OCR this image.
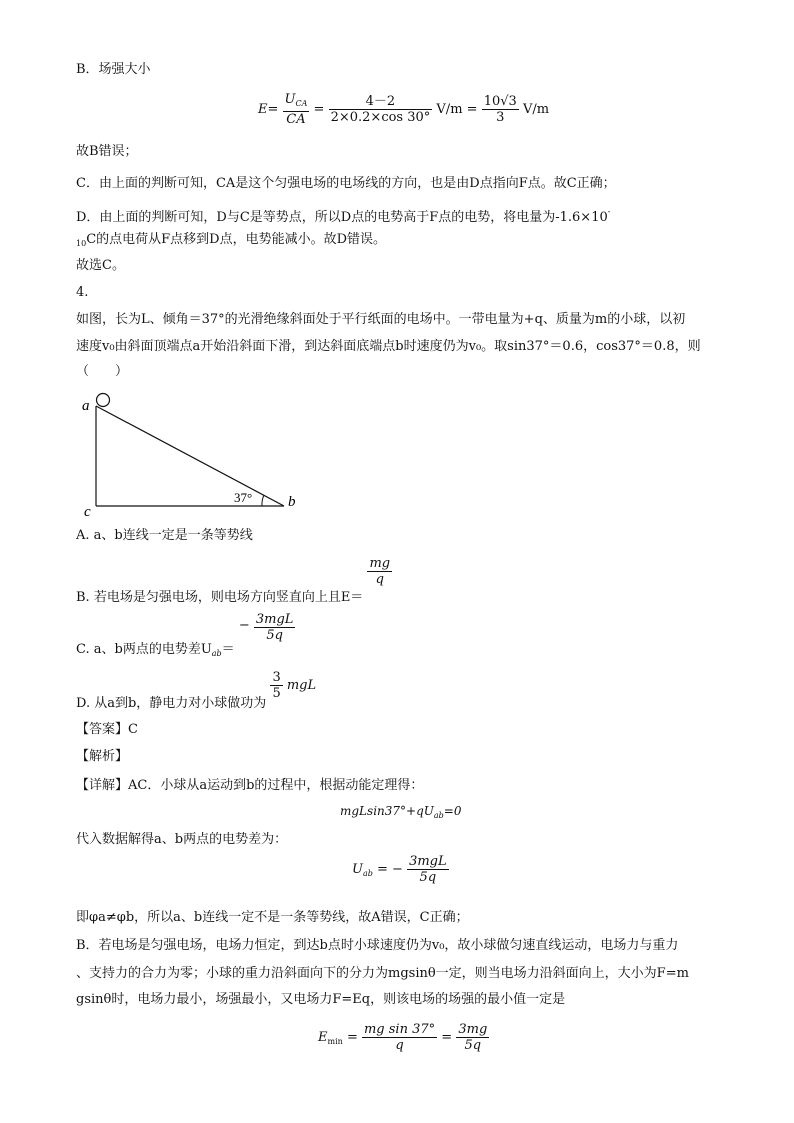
B．场强大小
$E= \frac{U_{CA}}{CA} = \frac{4-2}{2\times 0.2\times\cos 30^\circ} V/m = \frac{10√3}{3} V/m$
故B错误；
C．由上面的判断可知，CA是这个匀强电场的电场线的方向，也是由D点指向F点。故C正确；
D．由上面的判断可知，D与C是等势点，所以D点的电势高于F点的电势，将电量为-1.6×10-
$_{10}$C的点电荷从F点移到D点，电势能减小。故D错误。
故选C。
4.
如图，长为L、倾角＝37°的光滑绝缘斜面处于平行纸面的电场中。一带电量为+q、质量为m的小球，以初
速度v₀由斜面顶端点a开始沿斜面下滑，到达斜面底端点b时速度仍为v₀。取sin37°＝0.6，cos37°＝0.8，则
（　　）
a
c
b
37°
A. a、b连线一定是一条等势线
B. 若电场是匀强电场，则电场方向竖直向上且E＝
$\frac{mg}{q}$
C. a、b两点的电势差$U_{ab}= - \frac{\text{3mgL}}{5q}$
D. 从a到b，静电力对小球做功为
$\frac{3}{5}$ mgL
【答案】C
【解析】
【详解】AC．小球从a运动到b的过程中，根据动能定理得：
$mgLsin37^\circ+qU_{ab}=0$
代入数据解得a、b两点的电势差为：
$U_{ab}$ = − $\frac{\text{3mgL}}{5q}$
即φa≠φb，所以a、b连线一定不是一条等势线，故A错误，C正确；
B．若电场是匀强电场，电场力恒定，到达b点时小球速度仍为v₀，故小球做匀速直线运动，电场力与重力
、支持力的合力为零；小球的重力沿斜面向下的分力为mgsinθ一定，则当电场力沿斜面向上，大小为F=m
gsinθ时，电场力最小，场强最小，又电场力F=Eq，则该电场的场强的最小值一定是
$E_{min} = \frac{\text{mg sin 37°}}{q} = \frac{3mg}{5q}$
